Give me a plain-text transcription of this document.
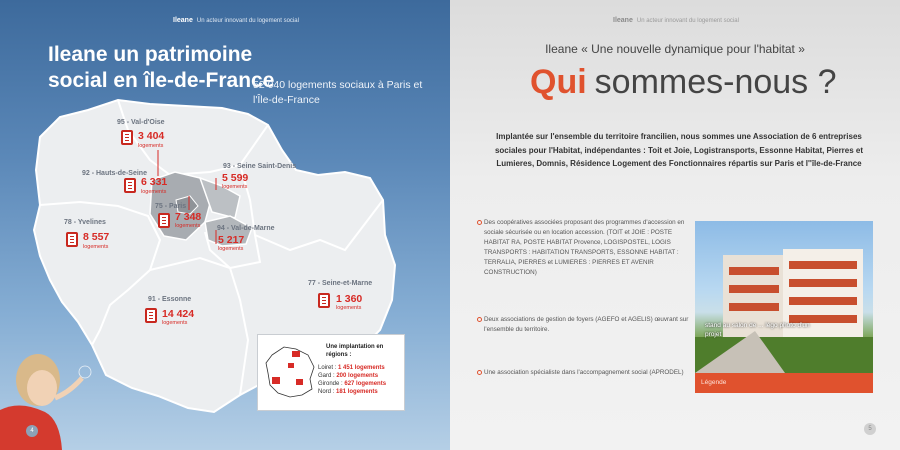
Ileane Un acteur innovant du logement social
Ileane un patrimoine social en île-de-France
52 040 logements sociaux à Paris et l'Île-de-France
95 - Val-d'Oise
3 404
logements
92 - Hauts-de-Seine
6 331
logements
93 - Seine Saint-Denis
5 599
logements
75 - Paris
7 348
logements
78 - Yvelines
8 557
logements
94 - Val-de-Marne
5 217
logements
77 - Seine-et-Marne
1 360
logements
91 - Essonne
14 424
logements
Une implantation en régions :
Loiret : 1 451 logements
Gard : 200 logements
Gironde : 627 logements
Nord : 181 logements
4
Ileane Un acteur innovant du logement social
Ileane « Une nouvelle dynamique pour l'habitat »
Qui sommes-nous ?
Implantée sur l'ensemble du territoire francilien, nous sommes une Association de 6 entreprises sociales pour l'Habitat, indépendantes : Toit et Joie, Logistransports, Essonne Habitat, Pierres et Lumieres, Domnis, Résidence Logement des Fonctionnaires répartis sur Paris et l''île-de-France
Des coopératives associées proposant des programmes d'accession en sociale sécurisée ou en location accession. (TOIT et JOIE : POSTE HABITAT RA, POSTE HABITAT Provence, LOGISPOSTEL, LOGIS TRANSPORTS : HABITATION TRANSPORTS, ESSONNE HABITAT : TERRALIA, PIERRES et LUMIERES : PIERRES ET AVENIR CONSTRUCTION)
Deux associations de gestion de foyers (AGEFO et AGELIS) œuvrant sur l'ensemble du territoire.
Une association spécialiste dans l'accompagnement social (APRODEL)
stand au salon de ... légo photo d'un projet
Légende
5
